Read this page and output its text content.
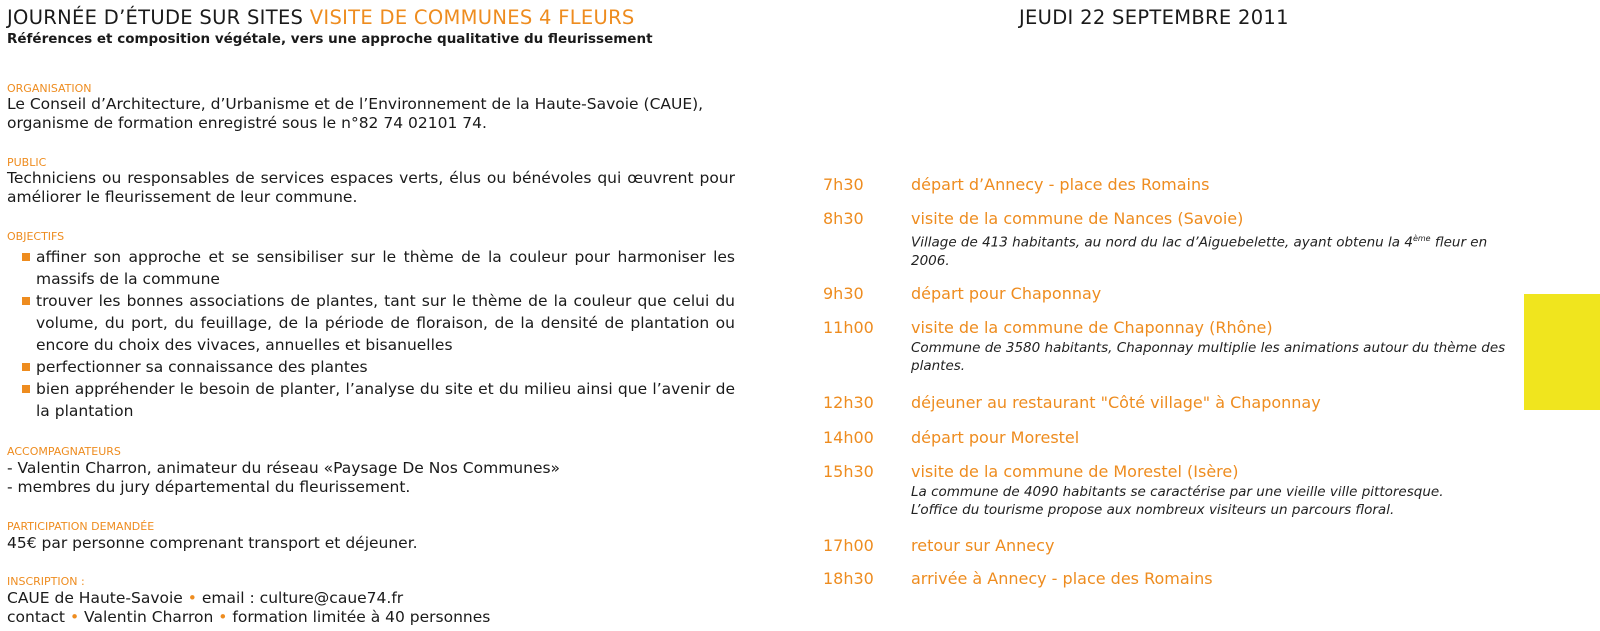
JOURNÉE D’ÉTUDE SUR SITES VISITE DE COMMUNES 4 FLEURS
Références et composition végétale, vers une approche qualitative du fleurissement
JEUDI 22 SEPTEMBRE 2011
ORGANISATION
Le Conseil d’Architecture, d’Urbanisme et de l’Environnement de la Haute-Savoie (CAUE),
organisme de formation enregistré sous le n°82 74 02101 74.
PUBLIC
Techniciens ou responsables de services espaces verts, élus ou bénévoles qui œuvrent pour améliorer le fleurissement de leur commune.
OBJECTIFS
affiner son approche et se sensibiliser sur le thème de la couleur pour harmoniser les massifs de la commune
trouver les bonnes associations de plantes, tant sur le thème de la couleur que celui du volume, du port, du feuillage, de la période de floraison, de la densité de plantation ou encore du choix des vivaces, annuelles et bisanuelles
perfectionner sa connaissance des plantes
bien appréhender le besoin de planter, l’analyse du site et du milieu ainsi que l’avenir de la plantation
ACCOMPAGNATEURS
- Valentin Charron, animateur du réseau «Paysage De Nos Communes»
- membres du jury départemental du fleurissement.
PARTICIPATION DEMANDÉE
45€ par personne comprenant transport et déjeuner.
INSCRIPTION :
CAUE de Haute-Savoie • email : culture@caue74.fr
contact • Valentin Charron • formation limitée à 40 personnes
7h30	départ d’Annecy - place des Romains
8h30	visite de la commune de Nances (Savoie)
Village de 413 habitants, au nord du lac d’Aiguebelette, ayant obtenu la 4ème fleur en 2006.
9h30	départ pour Chaponnay
11h00 visite de la commune de Chaponnay (Rhône)
Commune de 3580 habitants, Chaponnay multiplie les animations autour du thème des plantes.
12h30 déjeuner au restaurant "Côté village" à Chaponnay
14h00 départ pour Morestel
15h30 visite de la commune de Morestel (Isère)
La commune de 4090 habitants se caractérise par une vieille ville pittoresque.
L’office du tourisme propose aux nombreux visiteurs un parcours floral.
17h00 retour sur Annecy
18h30 arrivée à Annecy - place des Romains
